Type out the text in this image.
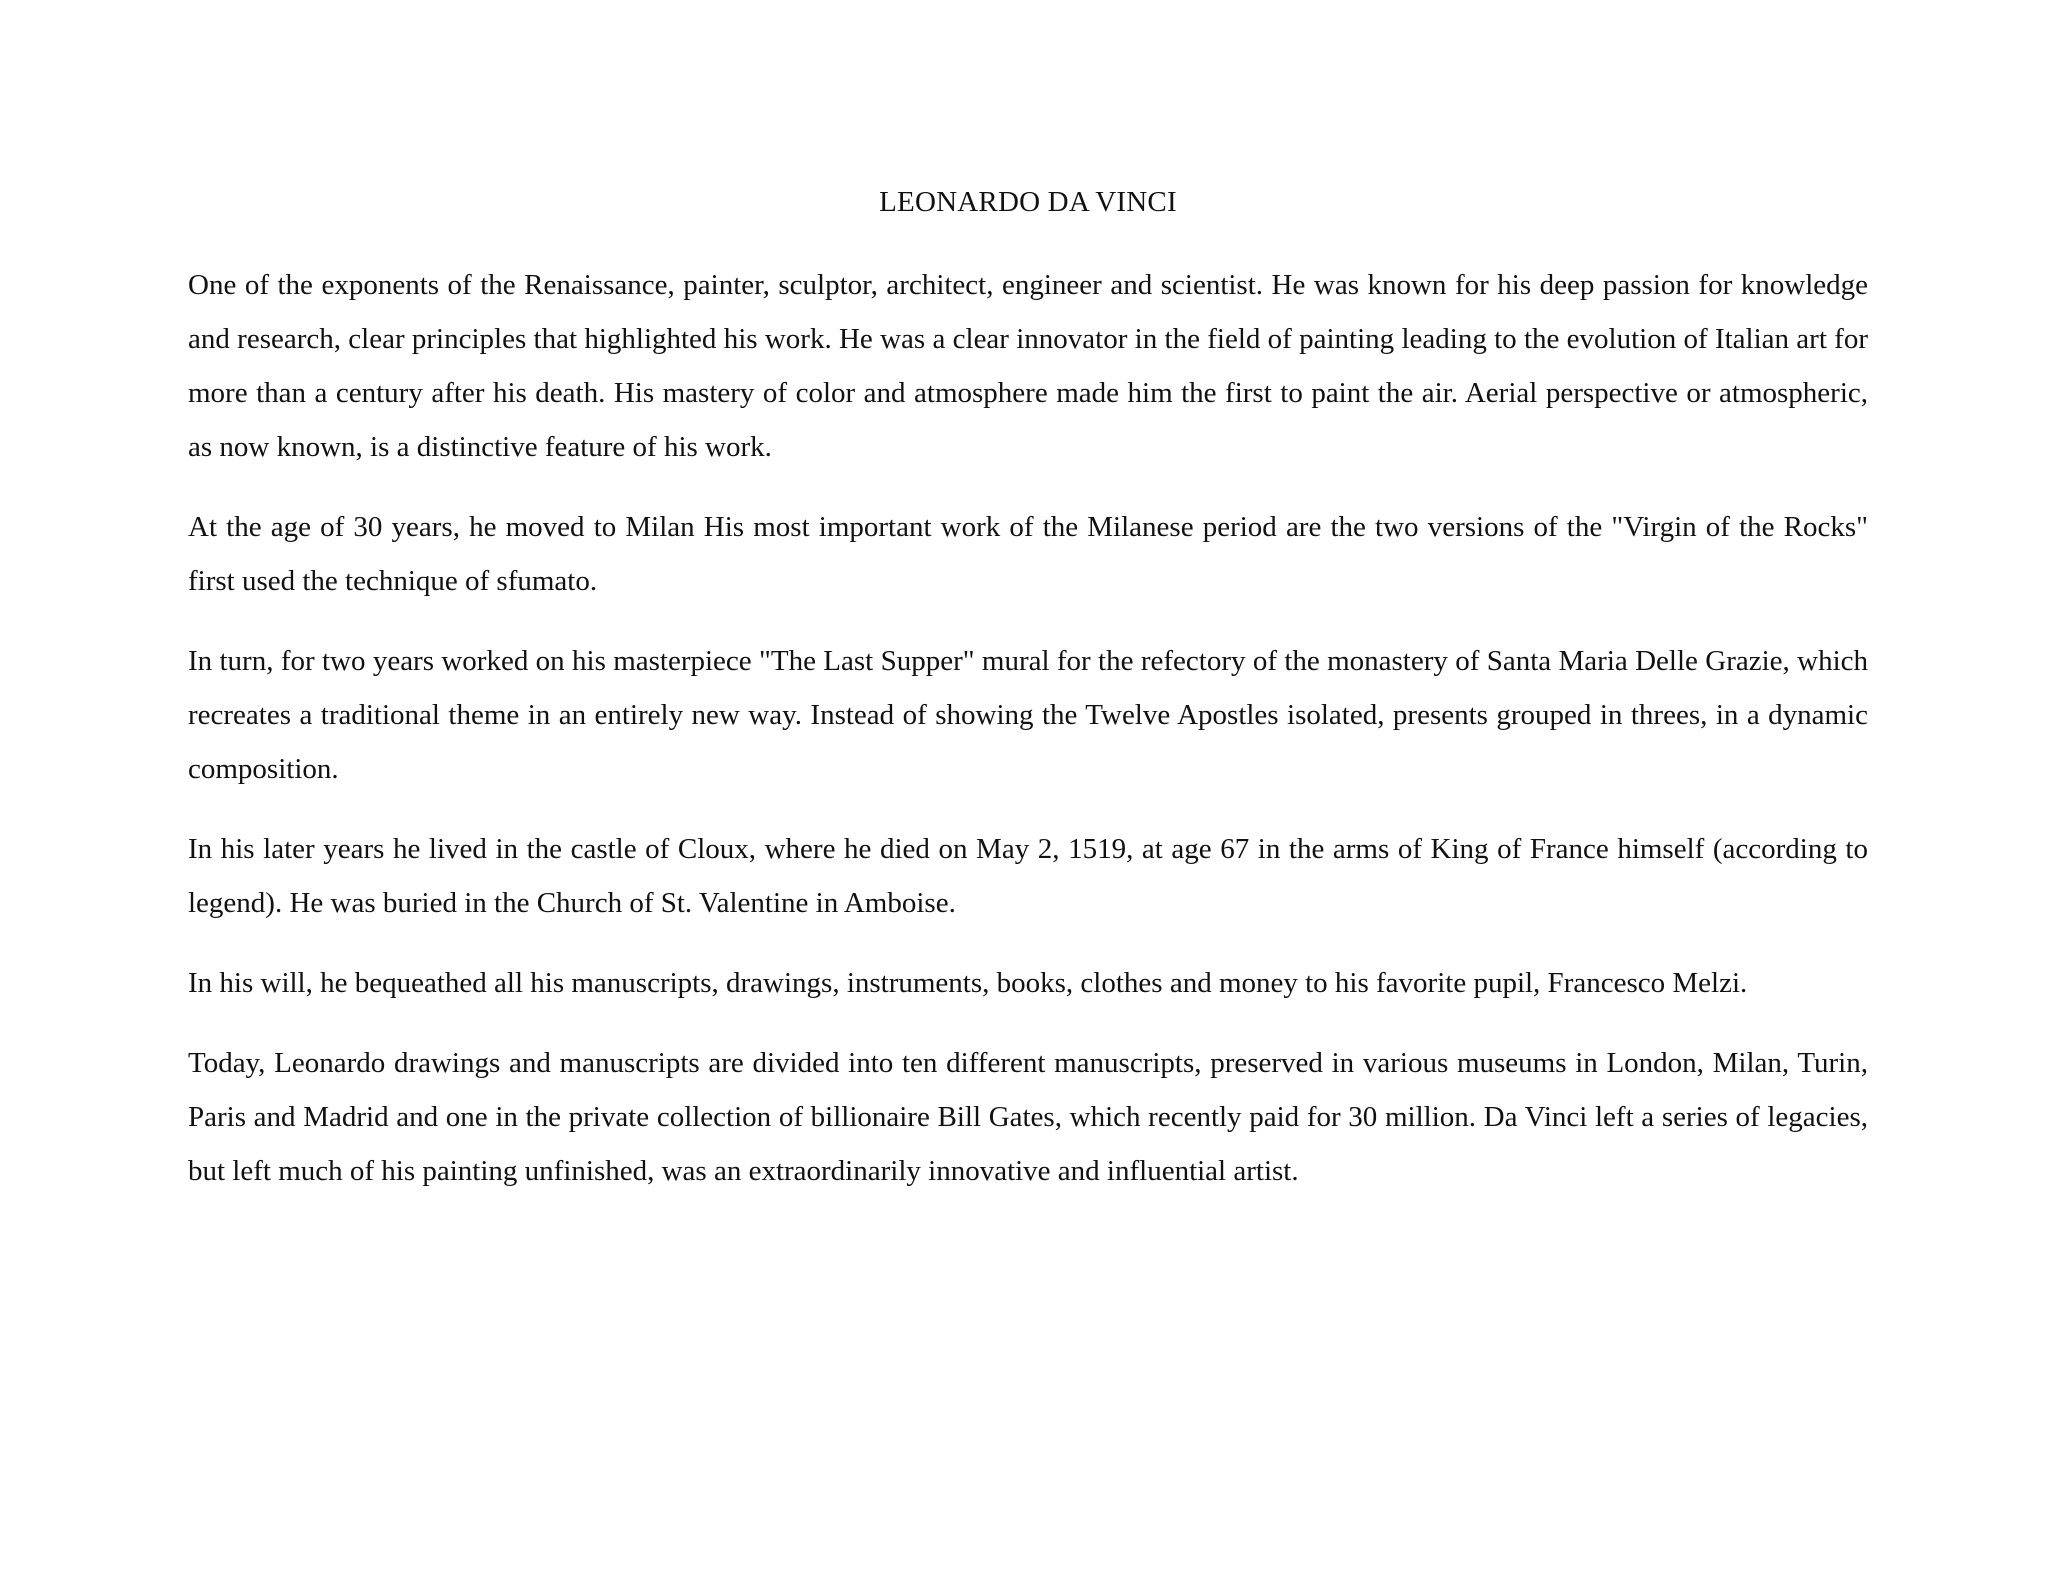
LEONARDO DA VINCI

One of the exponents of the Renaissance, painter, sculptor, architect, engineer and scientist. He was known for his deep passion for knowledge and research, clear principles that highlighted his work. He was a clear innovator in the field of painting leading to the evolution of Italian art for more than a century after his death. His mastery of color and atmosphere made him the first to paint the air. Aerial perspective or atmospheric, as now known, is a distinctive feature of his work.

At the age of 30 years, he moved to Milan His most important work of the Milanese period are the two versions of the "Virgin of the Rocks" first used the technique of sfumato.

In turn, for two years worked on his masterpiece "The Last Supper" mural for the refectory of the monastery of Santa Maria Delle Grazie, which recreates a traditional theme in an entirely new way. Instead of showing the Twelve Apostles isolated, presents grouped in threes, in a dynamic composition.

In his later years he lived in the castle of Cloux, where he died on May 2, 1519, at age 67 in the arms of King of France himself (according to legend). He was buried in the Church of St. Valentine in Amboise.

In his will, he bequeathed all his manuscripts, drawings, instruments, books, clothes and money to his favorite pupil, Francesco Melzi.

Today, Leonardo drawings and manuscripts are divided into ten different manuscripts, preserved in various museums in London, Milan, Turin, Paris and Madrid and one in the private collection of billionaire Bill Gates, which recently paid for 30 million. Da Vinci left a series of legacies, but left much of his painting unfinished, was an extraordinarily innovative and influential artist.
